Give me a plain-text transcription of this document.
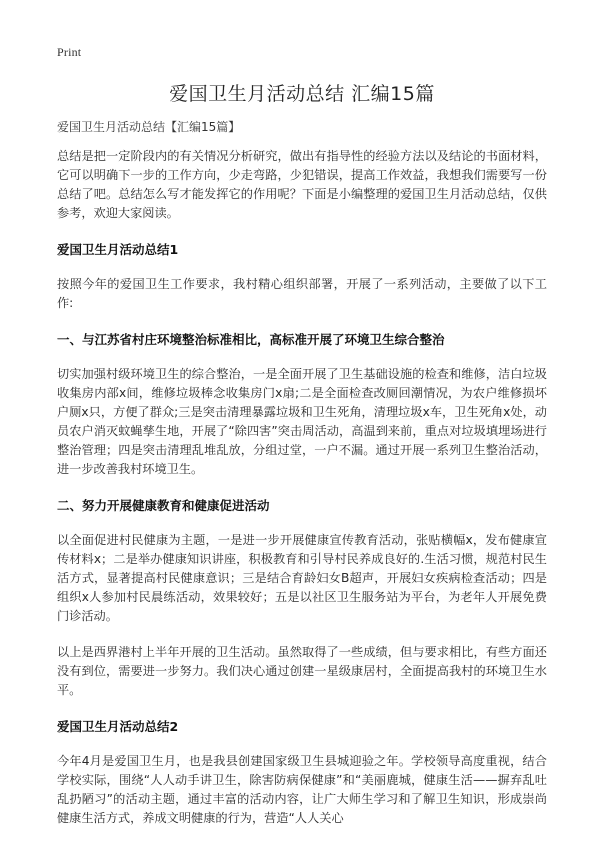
Print
爱国卫生月活动总结 汇编15篇
爱国卫生月活动总结【汇编15篇】

总结是把一定阶段内的有关情况分析研究，做出有指导性的经验方法以及结论的书面材料，它可以明确下一步的工作方向，少走弯路，少犯错误，提高工作效益，我想我们需要写一份总结了吧。总结怎么写才能发挥它的作用呢？下面是小编整理的爱国卫生月活动总结，仅供参考，欢迎大家阅读。

爱国卫生月活动总结1

按照今年的爱国卫生工作要求，我村精心组织部署，开展了一系列活动，主要做了以下工作:

一、与江苏省村庄环境整治标准相比，高标准开展了环境卫生综合整治

切实加强村级环境卫生的综合整治，一是全面开展了卫生基础设施的检查和维修，洁白垃圾收集房内部x间，维修垃圾棒念收集房门x扇;二是全面检查改厕回潮情况，为农户维修损坏户厕x只，方便了群众;三是突击清理暴露垃圾和卫生死角，清理垃圾x车，卫生死角x处，动员农户消灭蚊蝇孳生地，开展了“除四害”突击周活动，高温到来前，重点对垃圾填埋场进行整治管理；四是突击清理乱堆乱放，分组过堂，一户不漏。通过开展一系列卫生整治活动，进一步改善我村环境卫生。

二、努力开展健康教育和健康促进活动

以全面促进村民健康为主题，一是进一步开展健康宣传教育活动，张贴横幅x，发布健康宣传材料x；二是举办健康知识讲座，积极教育和引导村民养成良好的.生活习惯，规范村民生活方式，显著提高村民健康意识；三是结合育龄妇女B超声，开展妇女疾病检查活动；四是组织x人参加村民晨练活动，效果较好；五是以社区卫生服务站为平台，为老年人开展免费门诊活动。

以上是西界港村上半年开展的卫生活动。虽然取得了一些成绩，但与要求相比，有些方面还没有到位，需要进一步努力。我们决心通过创建一星级康居村，全面提高我村的环境卫生水平。

爱国卫生月活动总结2

今年4月是爱国卫生月，也是我县创建国家级卫生县城迎验之年。学校领导高度重视，结合学校实际，围绕“人人动手讲卫生，除害防病保健康”和“美丽鹿城，健康生活——摒弃乱吐乱扔陋习”的活动主题，通过丰富的活动内容，让广大师生学习和了解卫生知识，形成崇尚健康生活方式，养成文明健康的行为，营造“人人关心
